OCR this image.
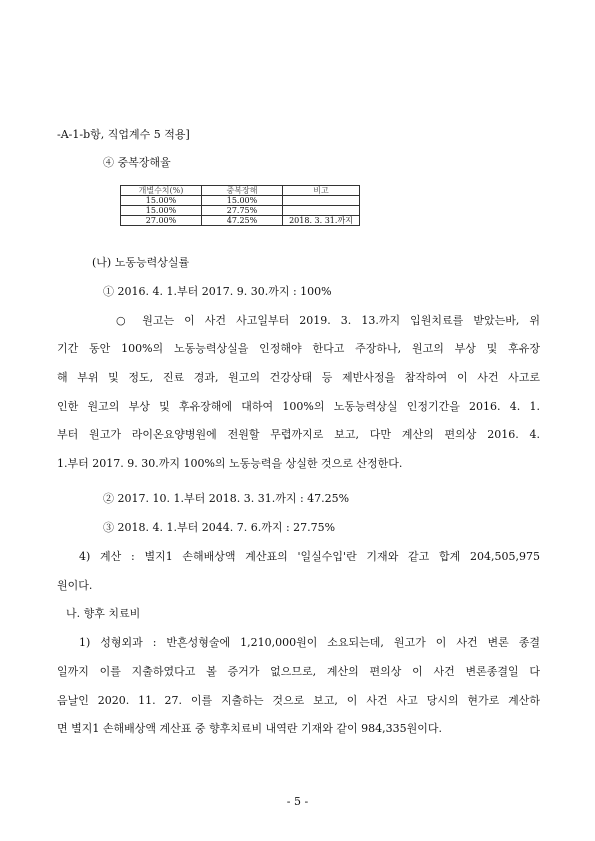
-A-1-b항, 직업계수 5 적용]
④ 중복장해율
개별수치(%)	중복장해	비고
15.00%	15.00%	
15.00%	27.75%	
27.00%	47.25%	2018. 3. 31.까지
(나) 노동능력상실률
① 2016. 4. 1.부터 2017. 9. 30.까지 : 100%
○ 원고는 이 사건 사고일부터 2019. 3. 13.까지 입원치료를 받았는바, 위
기간 동안 100%의 노동능력상실을 인정해야 한다고 주장하나, 원고의 부상 및 후유장
해 부위 및 정도, 진료 경과, 원고의 건강상태 등 제반사정을 참작하여 이 사건 사고로
인한 원고의 부상 및 후유장해에 대하여 100%의 노동능력상실 인정기간을 2016. 4. 1.
부터 원고가 라이온요양병원에 전원할 무렵까지로 보고, 다만 계산의 편의상 2016. 4.
1.부터 2017. 9. 30.까지 100%의 노동능력을 상실한 것으로 산정한다.
② 2017. 10. 1.부터 2018. 3. 31.까지 : 47.25%
③ 2018. 4. 1.부터 2044. 7. 6.까지 : 27.75%
4) 계산 : 별지1 손해배상액 계산표의 '일실수입'란 기재와 같고 합계 204,505,975
원이다.
나. 향후 치료비
1) 성형외과 : 반흔성형술에 1,210,000원이 소요되는데, 원고가 이 사건 변론 종결
일까지 이를 지출하였다고 볼 증거가 없으므로, 계산의 편의상 이 사건 변론종결일 다
음날인 2020. 11. 27. 이를 지출하는 것으로 보고, 이 사건 사고 당시의 현가로 계산하
면 별지1 손해배상액 계산표 중 향후치료비 내역란 기재와 같이 984,335원이다.
- 5 -
